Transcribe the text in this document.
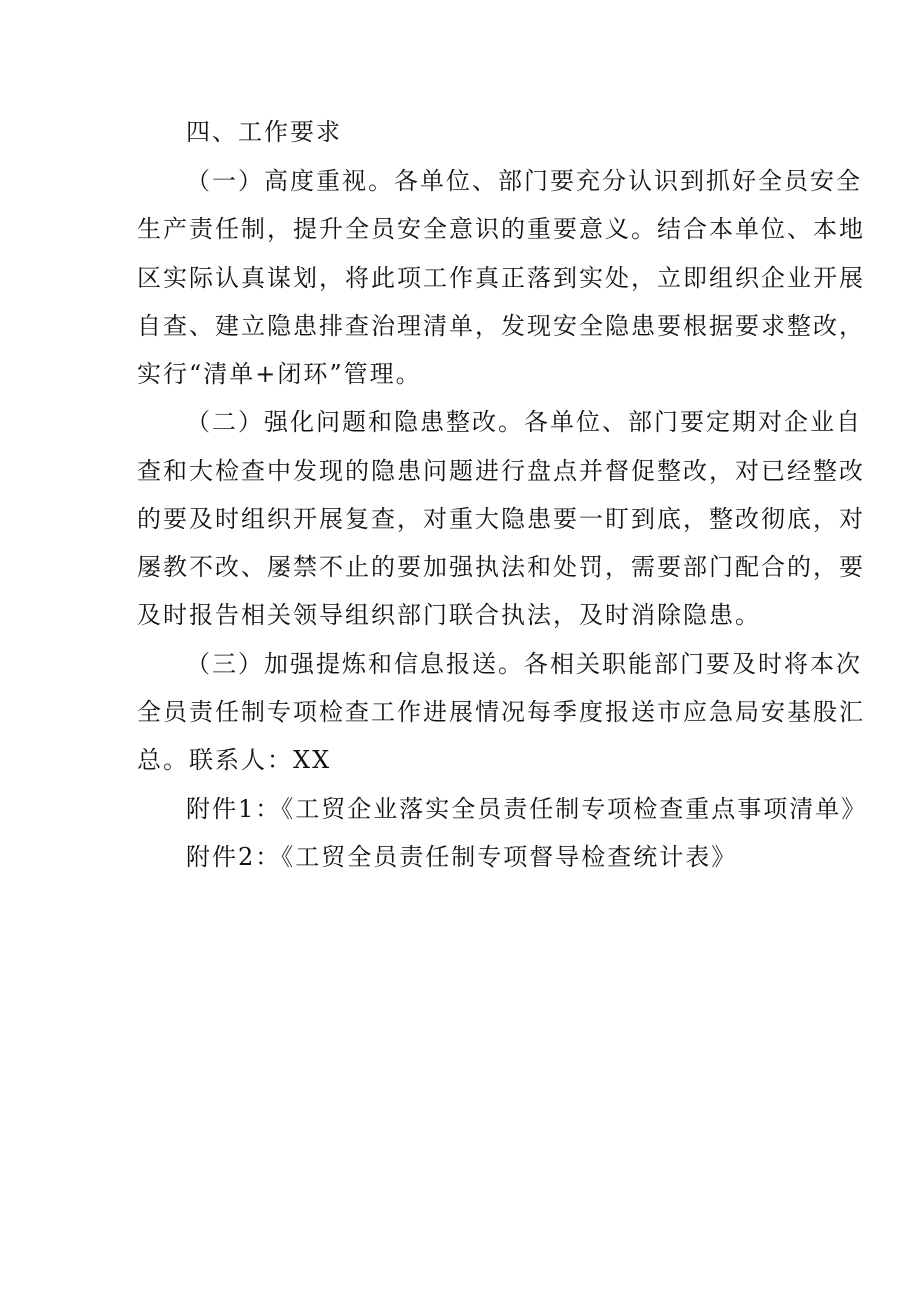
四、工作要求
（一）高度重视。各单位、部门要充分认识到抓好全员安全
生产责任制，提升全员安全意识的重要意义。结合本单位、本地
区实际认真谋划，将此项工作真正落到实处，立即组织企业开展
自查、建立隐患排查治理清单，发现安全隐患要根据要求整改，
实行“清单+闭环”管理。
（二）强化问题和隐患整改。各单位、部门要定期对企业自
查和大检查中发现的隐患问题进行盘点并督促整改，对已经整改
的要及时组织开展复查，对重大隐患要一盯到底，整改彻底，对
屡教不改、屡禁不止的要加强执法和处罚，需要部门配合的，要
及时报告相关领导组织部门联合执法，及时消除隐患。
（三）加强提炼和信息报送。各相关职能部门要及时将本次
全员责任制专项检查工作进展情况每季度报送市应急局安基股汇
总。联系人：XX
附件1：《工贸企业落实全员责任制专项检查重点事项清单》
附件2：《工贸全员责任制专项督导检查统计表》
